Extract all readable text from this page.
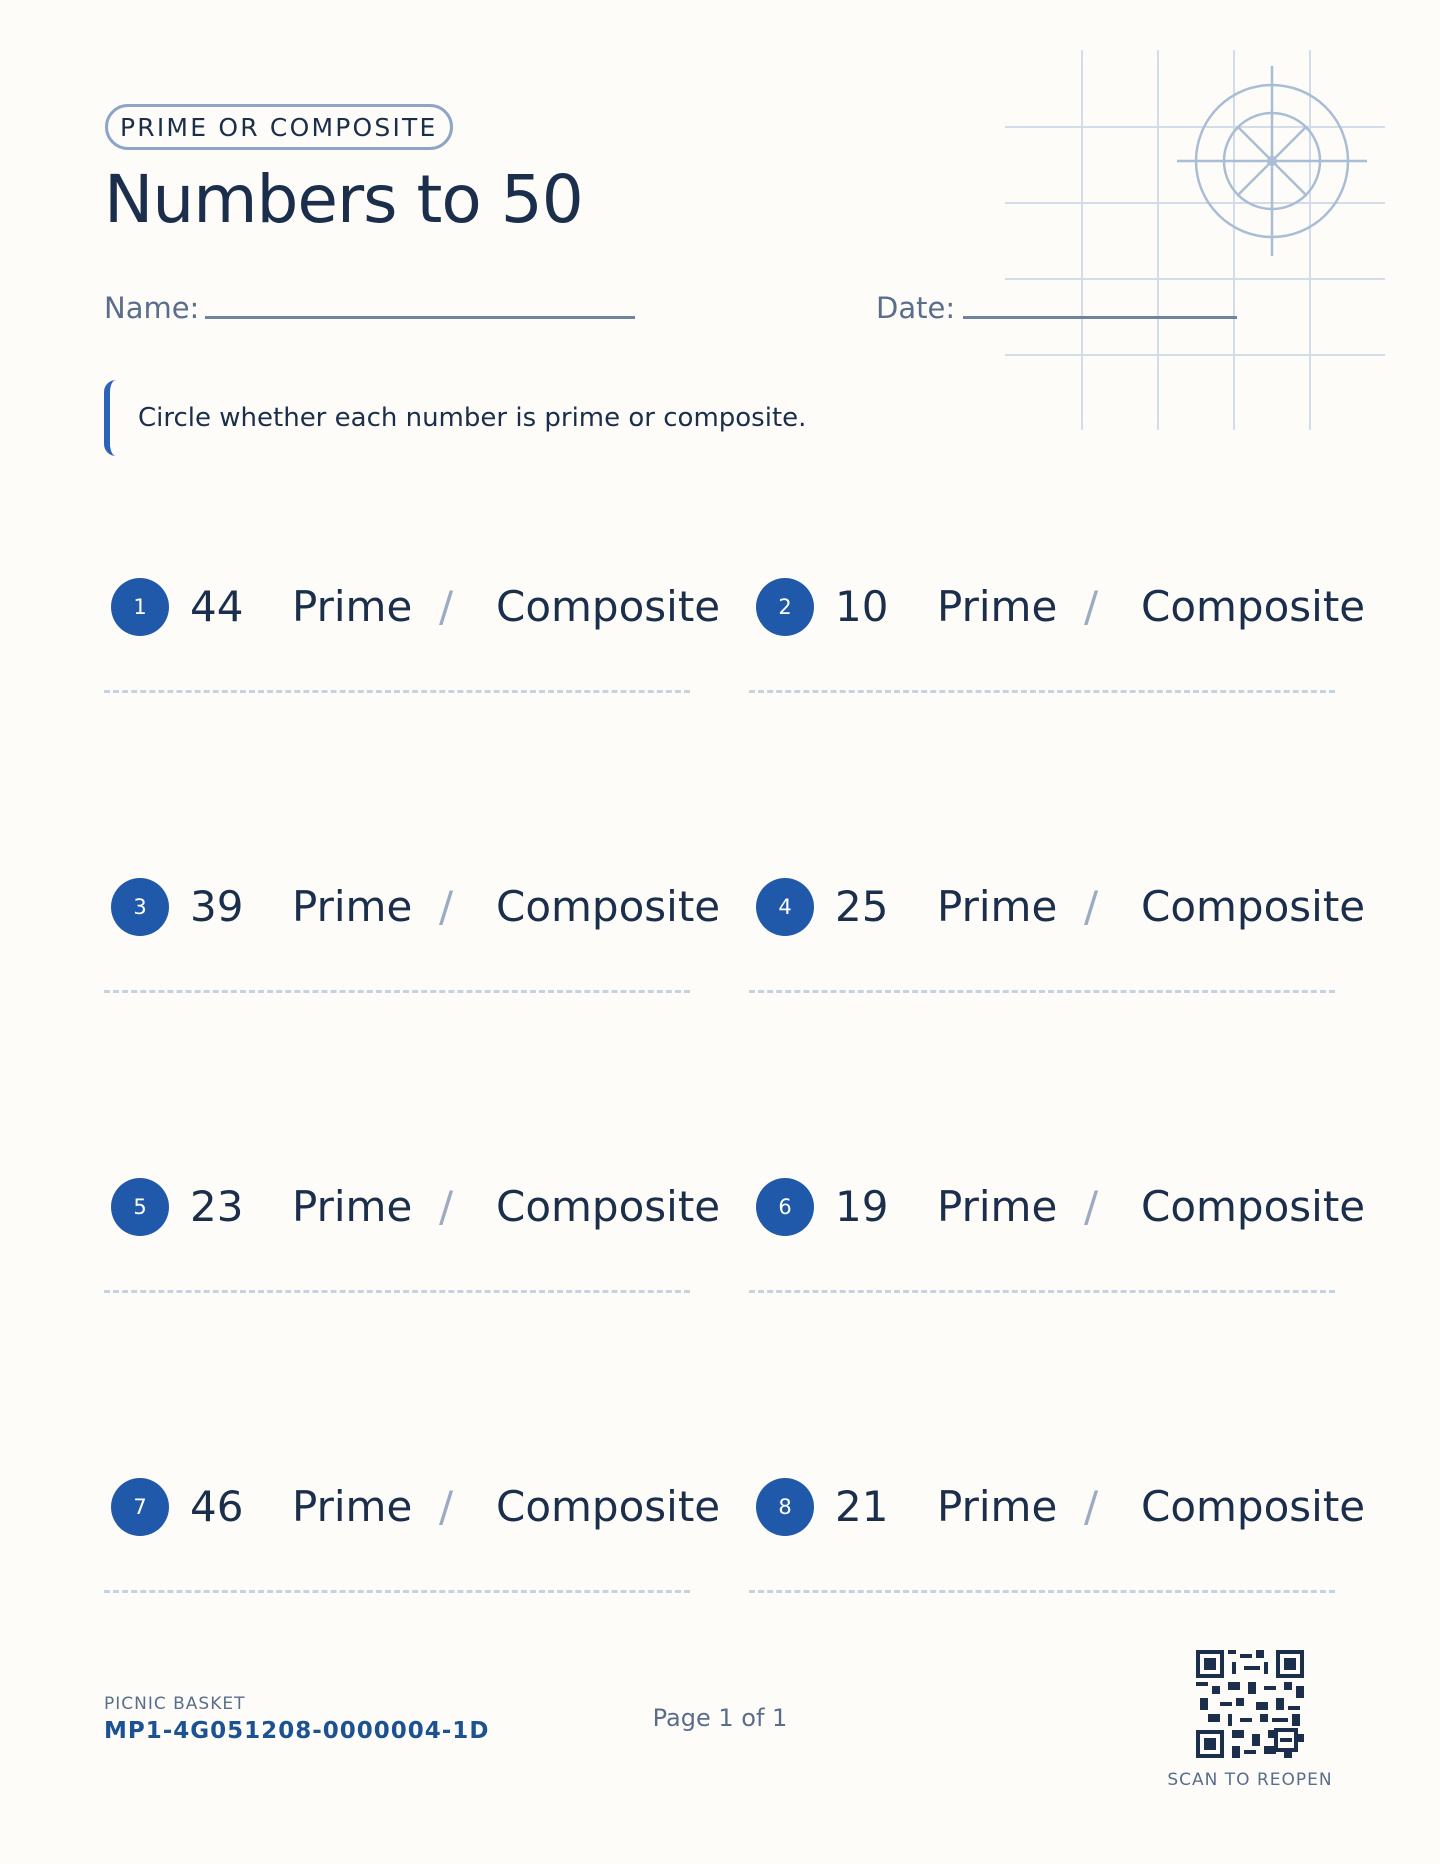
PRIME OR COMPOSITE
Numbers to 50
Name:	Date:
Circle whether each number is prime or composite.
1	44 Prime / Composite	2	10 Prime / Composite
3	39 Prime / Composite	4	25 Prime / Composite
5	23 Prime / Composite	6	19 Prime / Composite
7	46 Prime / Composite	8	21 Prime / Composite
PICNIC BASKET
MP1-4G051208-0000004-1D	Page 1 of 1
SCAN TO REOPEN
